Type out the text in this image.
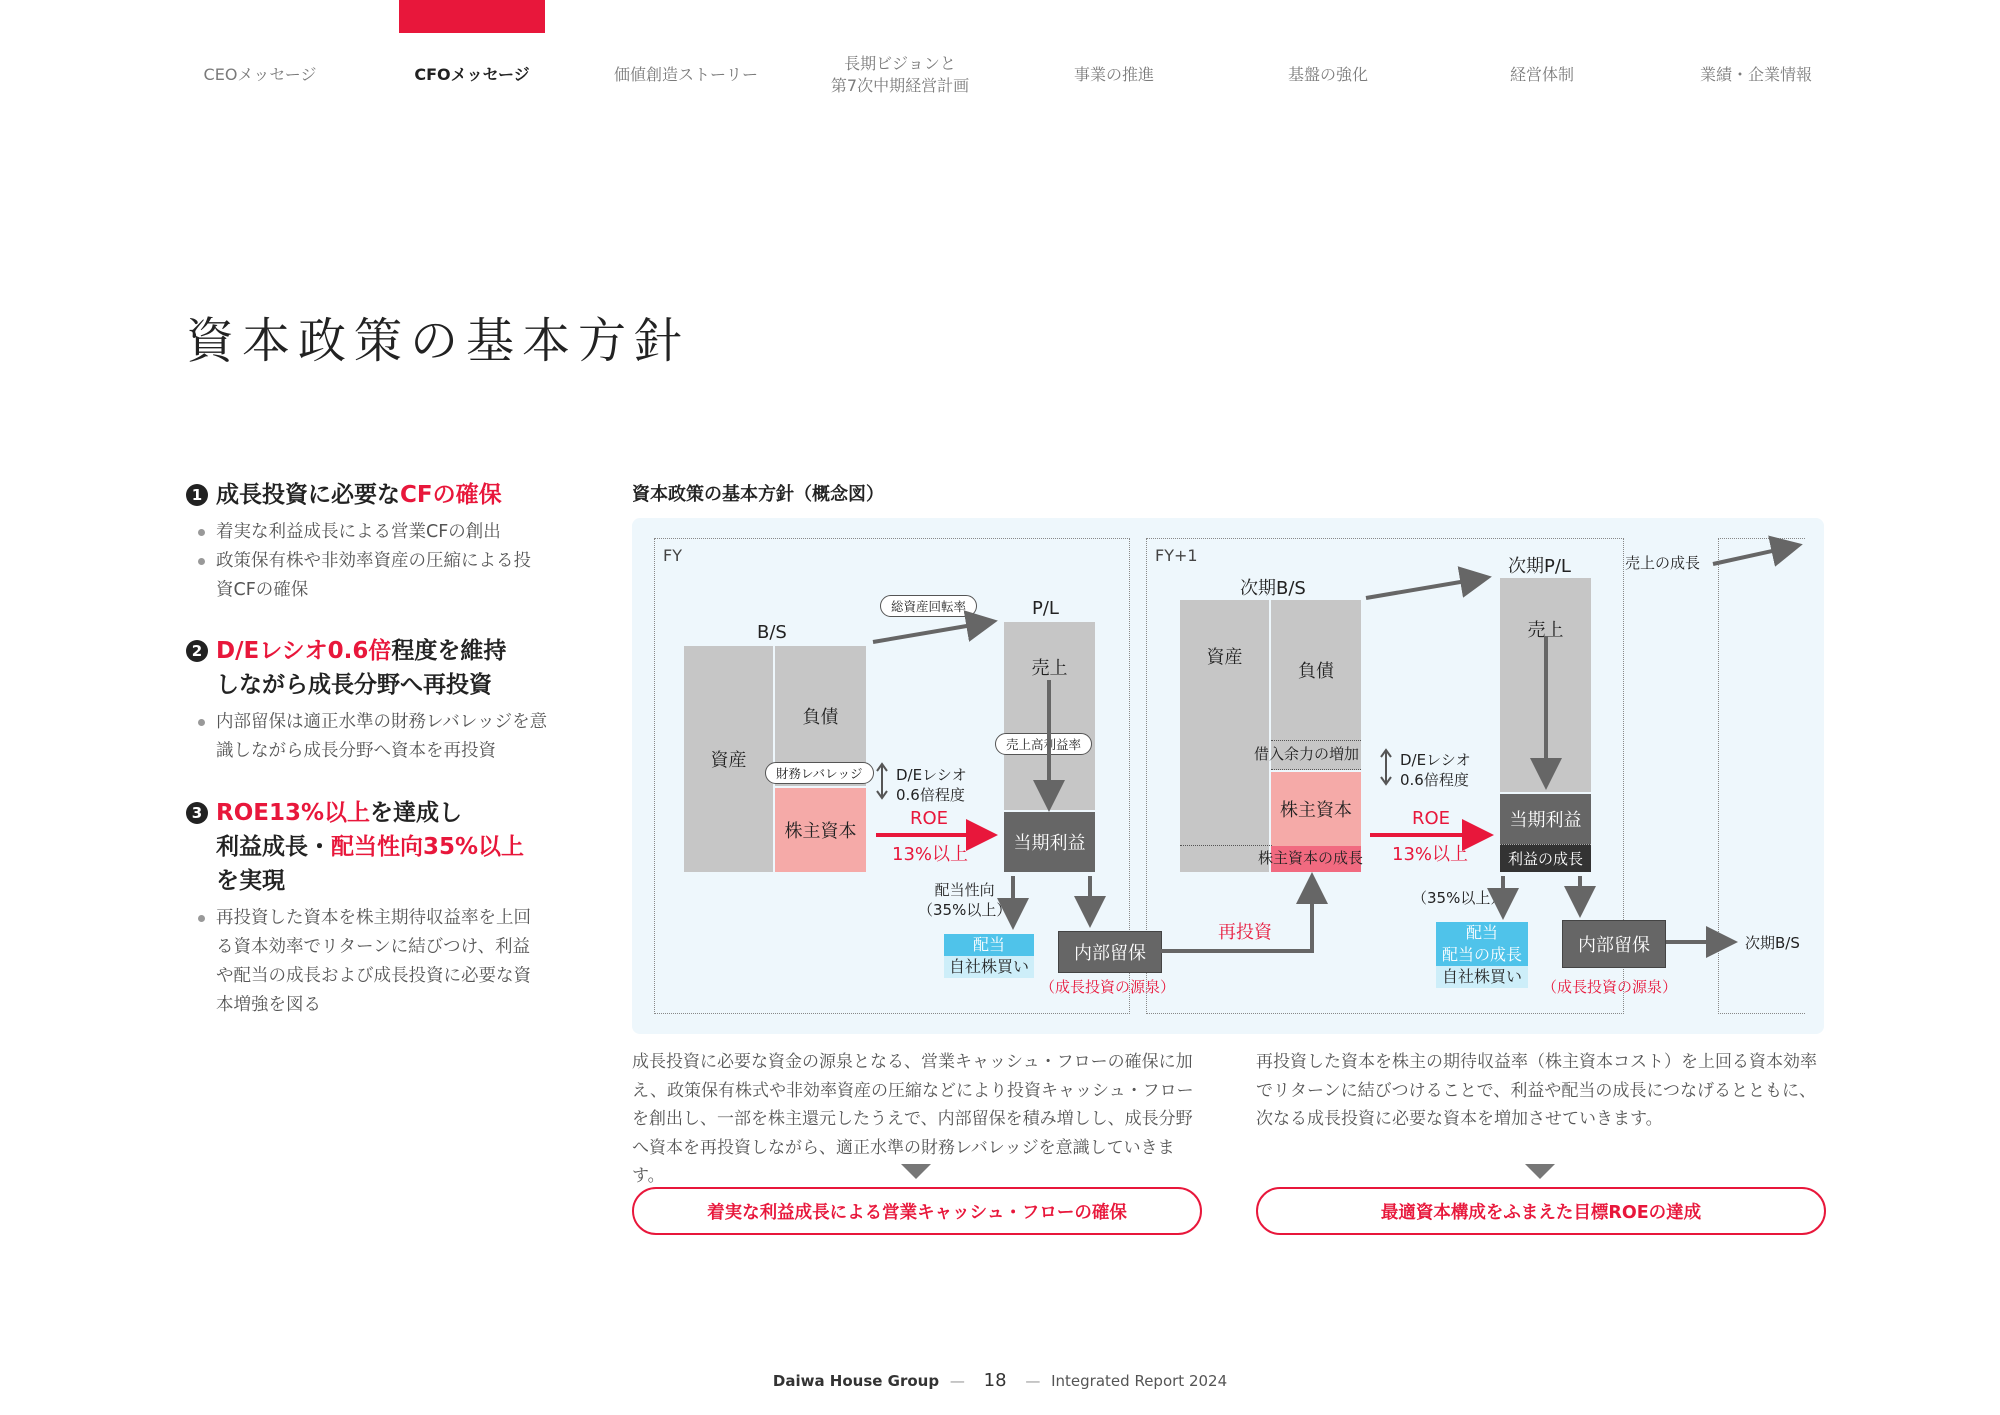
CEOメッセージ	CFOメッセージ	価値創造ストーリー
長期ビジョンと
第7次中期経営計画
事業の推進	基盤の強化	経営体制	業績・企業情報
資本政策の基本方針
1 成長投資に必要なCFの確保
着実な利益成長による営業CFの創出
政策保有株や非効率資産の圧縮による投資CFの確保
2 D/Eレシオ0.6倍程度を維持
しながら成長分野へ再投資
内部留保は適正水準の財務レバレッジを意識しながら成長分野へ資本を再投資
3 ROE13%以上を達成し
利益成長・配当性向35%以上
を実現
再投資した資本を株主期待収益率を上回る資本効率でリターンに結びつけ、利益や配当の成長および成長投資に必要な資本増強を図る
資本政策の基本方針（概念図）
FY	FY+1
B/S
資産
負債
株主資本
財務レバレッジ	D/Eレシオ
0.6倍程度
P/L
売上
当期利益
総資産回転率
売上高利益率
ROE
13%以上
配当性向
（35%以上）
配当
自社株買い
内部留保
（成長投資の源泉）
再投資
次期B/S
資産
負債
借入余力の増加
株主資本
株主資本の成長
D/Eレシオ
0.6倍程度
次期P/L
売上
当期利益
利益の成長
売上の成長
ROE
13%以上
（35%以上）
配当
配当の成長
自社株買い
内部留保
（成長投資の源泉）
次期B/S
成長投資に必要な資金の源泉となる、営業キャッシュ・フローの確保に加え、政策保有株式や非効率資産の圧縮などにより投資キャッシュ・フローを創出し、一部を株主還元したうえで、内部留保を積み増しし、成長分野へ資本を再投資しながら、適正水準の財務レバレッジを意識していきます。
再投資した資本を株主の期待収益率（株主資本コスト）を上回る資本効率でリターンに結びつけることで、利益や配当の成長につなげるとともに、次なる成長投資に必要な資本を増加させていきます。
着実な利益成長による営業キャッシュ・フローの確保	最適資本構成をふまえた目標ROEの達成
Daiwa House Group — 18 — Integrated Report 2024
